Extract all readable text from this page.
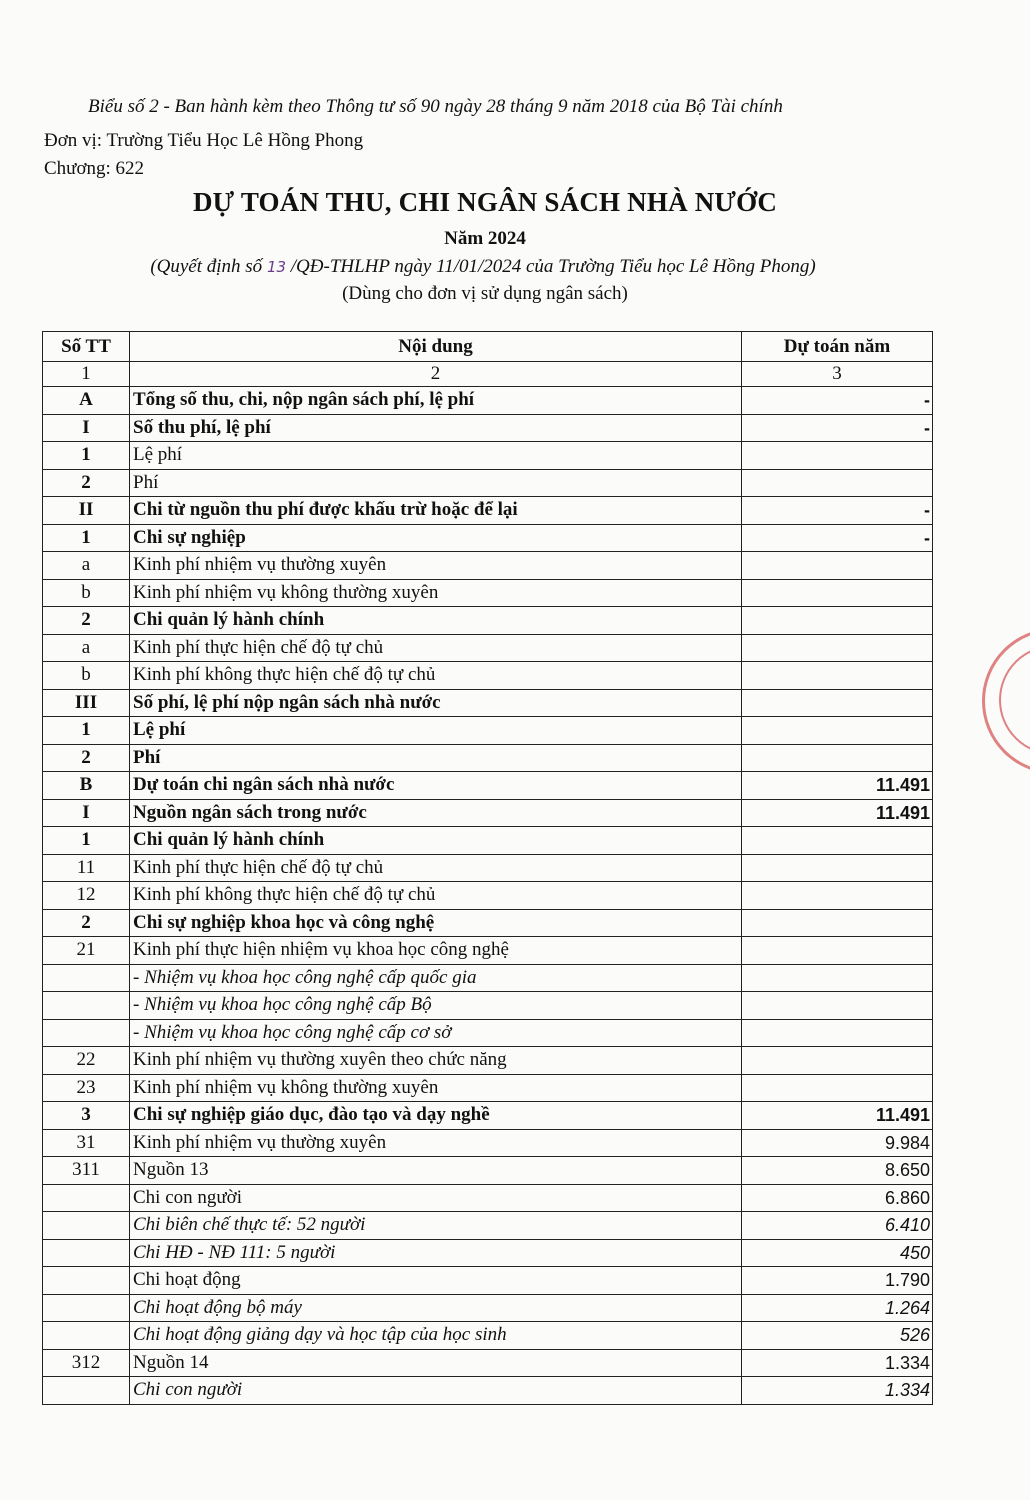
Biểu số 2 - Ban hành kèm theo Thông tư số 90 ngày 28 tháng 9 năm 2018 của Bộ Tài chính
Đơn vị: Trường Tiểu Học Lê Hồng Phong
Chương: 622
DỰ TOÁN THU, CHI NGÂN SÁCH NHÀ NƯỚC
Năm 2024
(Quyết định số 13 /QĐ-THLHP ngày 11/01/2024 của Trường Tiểu học Lê Hồng Phong)
(Dùng cho đơn vị sử dụng ngân sách)
Số TT	Nội dung	Dự toán năm
1	2	3
A	Tổng số thu, chi, nộp ngân sách phí, lệ phí	-
I	Số thu phí, lệ phí	-
1	Lệ phí	
2	Phí	
II	Chi từ nguồn thu phí được khấu trừ hoặc để lại	-
1	Chi sự nghiệp	-
a	Kinh phí nhiệm vụ thường xuyên	
b	Kinh phí nhiệm vụ không thường xuyên	
2	Chi quản lý hành chính	
a	Kinh phí thực hiện chế độ tự chủ	
b	Kinh phí không thực hiện chế độ tự chủ	
III	Số phí, lệ phí nộp ngân sách nhà nước	
1	Lệ phí	
2	Phí	
B	Dự toán chi ngân sách nhà nước	11.491
I	Nguồn ngân sách trong nước	11.491
1	Chi quản lý hành chính	
11	Kinh phí thực hiện chế độ tự chủ	
12	Kinh phí không thực hiện chế độ tự chủ	
2	Chi sự nghiệp khoa học và công nghệ	
21	Kinh phí thực hiện nhiệm vụ khoa học công nghệ	
	- Nhiệm vụ khoa học công nghệ cấp quốc gia	
	- Nhiệm vụ khoa học công nghệ cấp Bộ	
	- Nhiệm vụ khoa học công nghệ cấp cơ sở	
22	Kinh phí nhiệm vụ thường xuyên theo chức năng	
23	Kinh phí nhiệm vụ không thường xuyên	
3	Chi sự nghiệp giáo dục, đào tạo và dạy nghề	11.491
31	Kinh phí nhiệm vụ thường xuyên	9.984
311	Nguồn 13	8.650
	Chi con người	6.860
	Chi biên chế thực tế: 52 người	6.410
	Chi HĐ - NĐ 111: 5 người	450
	Chi hoạt động	1.790
	Chi hoạt động bộ máy	1.264
	Chi hoạt động giảng dạy và học tập của học sinh	526
312	Nguồn 14	1.334
	Chi con người	1.334
